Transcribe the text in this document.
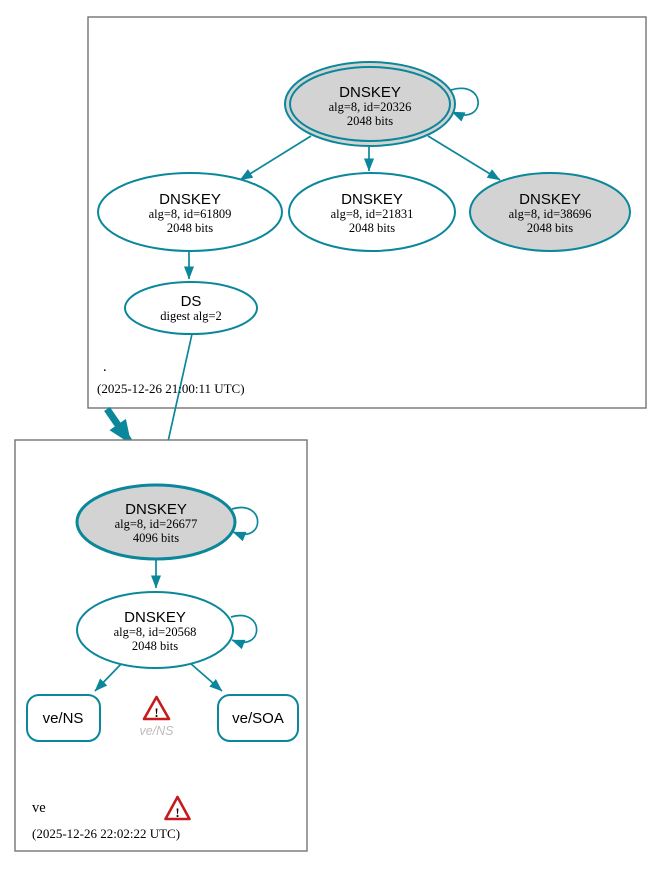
DNSKEY
alg=8, id=20326
2048 bits
DNSKEY
alg=8, id=61809
2048 bits
DNSKEY
alg=8, id=21831
2048 bits
DNSKEY
alg=8, id=38696
2048 bits
DS
digest alg=2
.
(2025-12-26 21:00:11 UTC)
DNSKEY
alg=8, id=26677
4096 bits
DNSKEY
alg=8, id=20568
2048 bits
ve/NS	!
ve/NS
ve/SOA
ve	!
(2025-12-26 22:02:22 UTC)
